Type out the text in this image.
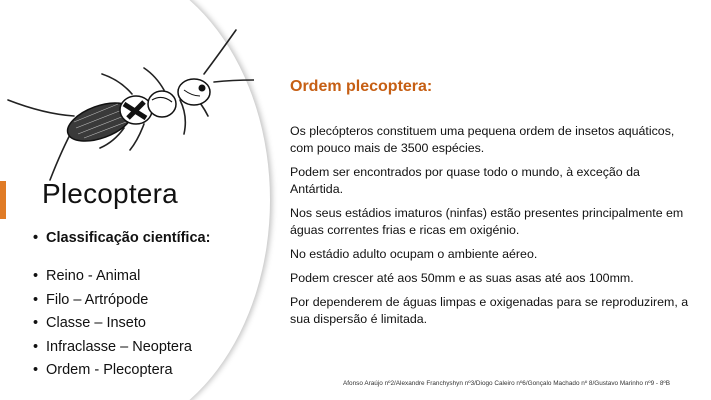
Plecoptera
• Classificação científica:
• Reino - Animal
• Filo – Artrópode
• Classe – Inseto
• Infraclasse – Neoptera
• Ordem - Plecoptera
Ordem plecoptera:

Os plecópteros constituem uma pequena ordem de insetos aquáticos, com pouco mais de 3500 espécies.

Podem ser encontrados por quase todo o mundo, à exceção da Antártida.

Nos seus estádios imaturos (ninfas) estão presentes principalmente em águas correntes frias e ricas em oxigénio.

No estádio adulto ocupam o ambiente aéreo.

Podem crescer até aos 50mm e as suas asas até aos 100mm.

Por dependerem de águas limpas e oxigenadas para se reproduzirem, a sua dispersão é limitada.

Afonso Araújo nº2/Alexandre Franchyshyn nº3/Diogo Caleiro nº6/Gonçalo Machado nº 8/Gustavo Marinho nº9 - 8ºB
